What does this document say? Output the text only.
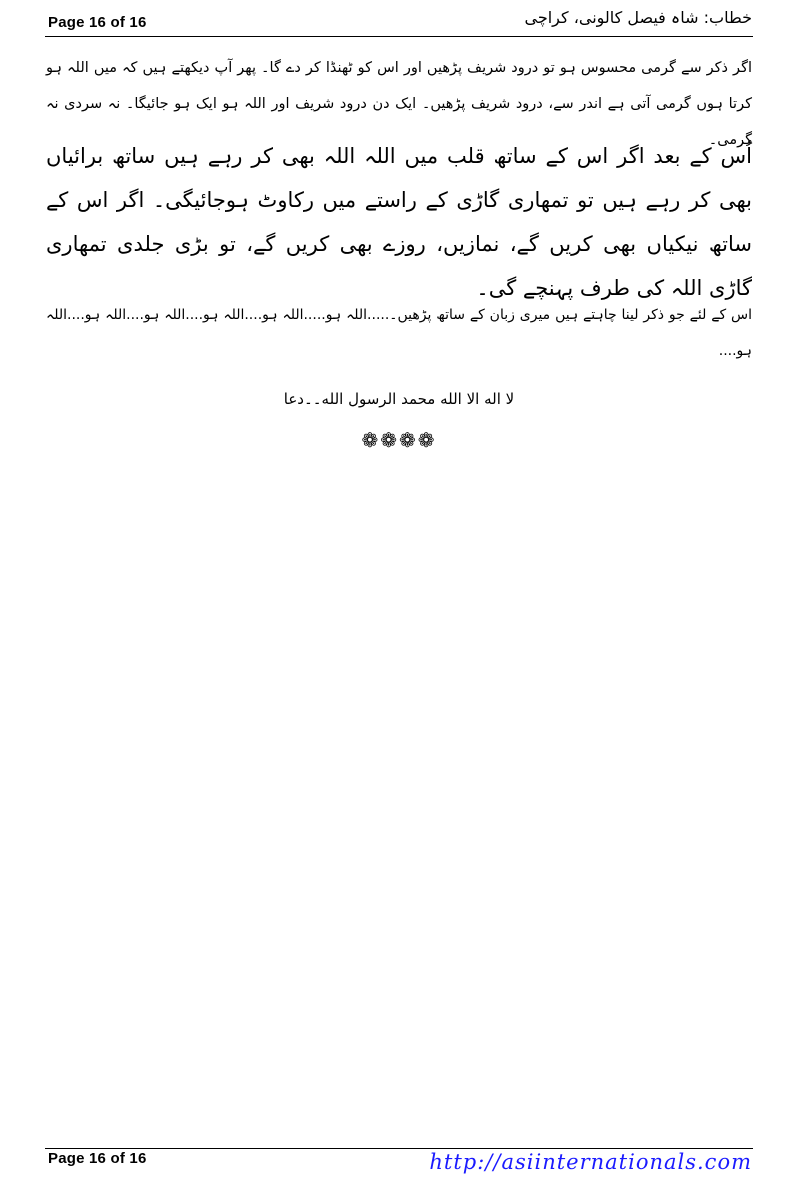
Page 16 of 16	خطاب: شاہ فیصل کالونی، کراچی
اگر ذکر سے گرمی محسوس ہو تو درود شریف پڑھیں اور اس کو ٹھنڈا کر دے گا۔ پھر آپ دیکھتے ہیں کہ میں اللہ ہو کرتا ہوں گرمی آتی ہے اندر سے، درود شریف پڑھیں۔ ایک دن درود شریف اور اللہ ہو ایک ہو جائیگا۔ نہ سردی نہ گرمی۔
اُس کے بعد اگر اس کے ساتھ قلب میں اللہ اللہ بھی کر رہے ہیں ساتھ برائیاں بھی کر رہے ہیں تو تمھاری گاڑی کے راستے میں رکاوٹ ہوجائیگی۔ اگر اس کے ساتھ نیکیاں بھی کریں گے، نمازیں، روزے بھی کریں گے، تو بڑی جلدی تمھاری گاڑی اللہ کی طرف پہنچے گی۔
اس کے لئے جو ذکر لینا چاہتے ہیں میری زبان کے ساتھ پڑھیں۔.....اللہ ہو.....اللہ ہو....اللہ ہو....اللہ ہو....اللہ ہو....اللہ ہو....
لا اله الا الله محمد الرسول الله۔۔دعا
❁❁❁❁
Page 16 of 16	http://asiinternationals.com
